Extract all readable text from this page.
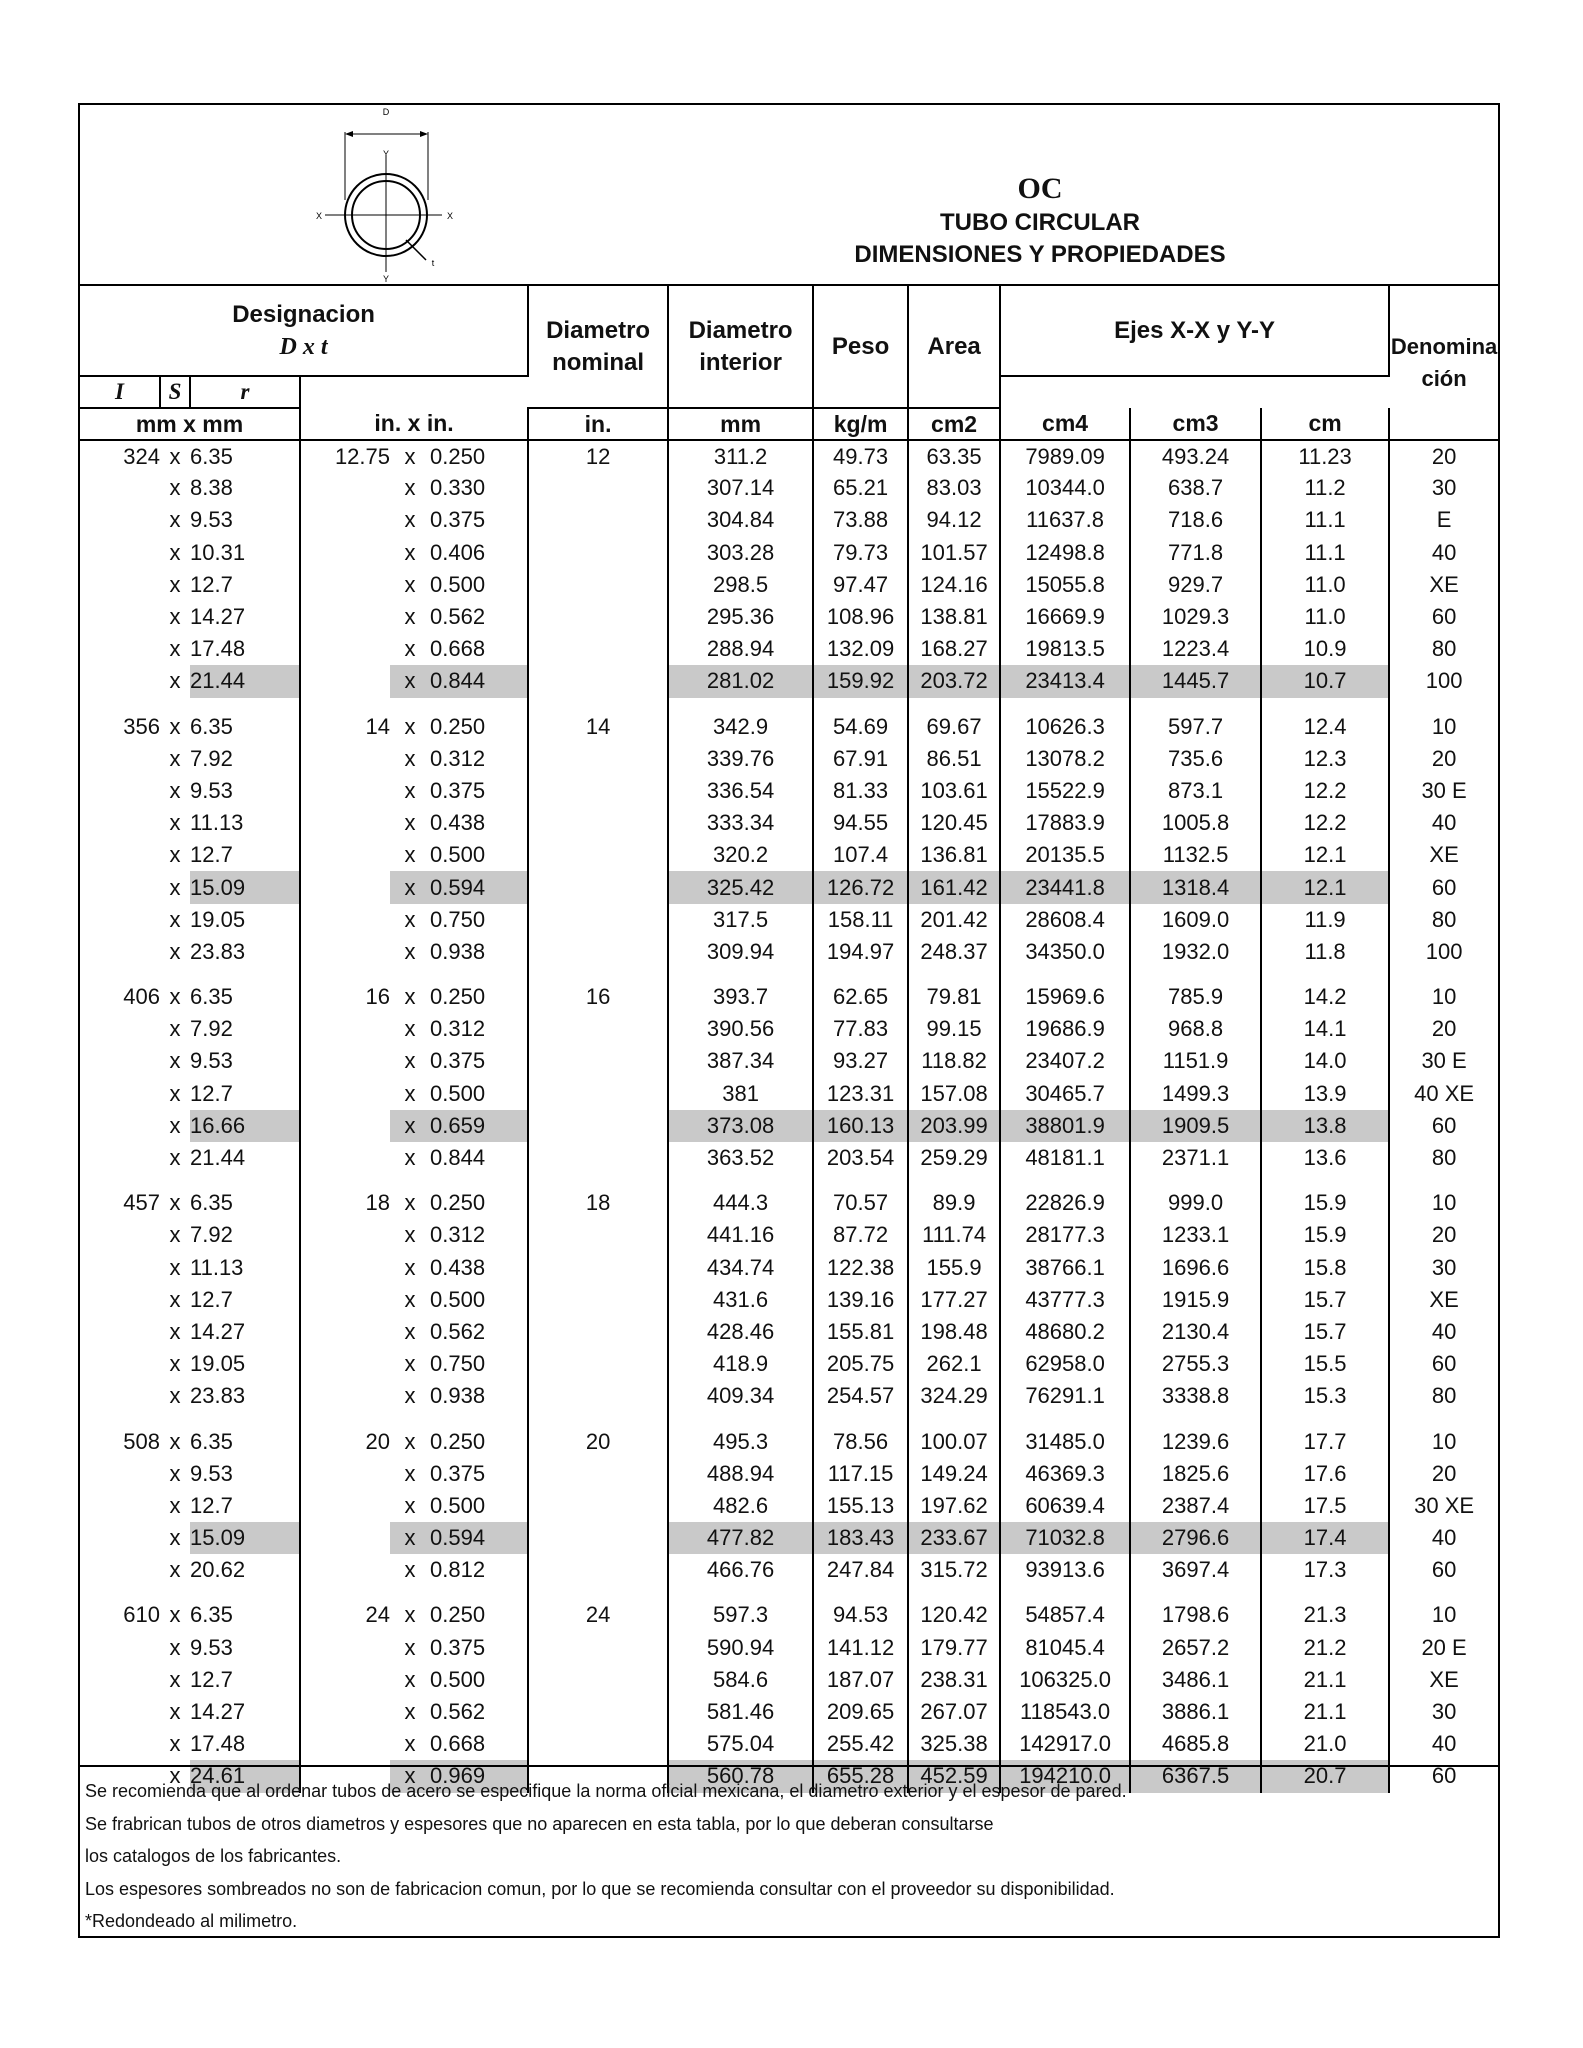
D
X	X
Y
Y
t
OC
TUBO CIRCULAR
DIMENSIONES Y PROPIEDADES
Designacion
D x t						Diametro nominal	Diametro interior	Peso	Area	Ejes X-X y Y-Y			Denomina ción
I	S	r											
mm x mm			in. x in.			in.	mm	kg/m	cm2	cm4	cm3	cm	
324	x	6.35	12.75	x	0.250	12	311.2	49.73	63.35	7989.09	493.24	11.23	20
	x	8.38		x	0.330		307.14	65.21	83.03	10344.0	638.7	11.2	30
	x	9.53		x	0.375		304.84	73.88	94.12	11637.8	718.6	11.1	E
	x	10.31		x	0.406		303.28	79.73	101.57	12498.8	771.8	11.1	40
	x	12.7		x	0.500		298.5	97.47	124.16	15055.8	929.7	11.0	XE
	x	14.27		x	0.562		295.36	108.96	138.81	16669.9	1029.3	11.0	60
	x	17.48		x	0.668		288.94	132.09	168.27	19813.5	1223.4	10.9	80
	x	21.44		x	0.844		281.02	159.92	203.72	23413.4	1445.7	10.7	100

356	x	6.35	14	x	0.250	14	342.9	54.69	69.67	10626.3	597.7	12.4	10
	x	7.92		x	0.312		339.76	67.91	86.51	13078.2	735.6	12.3	20
	x	9.53		x	0.375		336.54	81.33	103.61	15522.9	873.1	12.2	30 E
	x	11.13		x	0.438		333.34	94.55	120.45	17883.9	1005.8	12.2	40
	x	12.7		x	0.500		320.2	107.4	136.81	20135.5	1132.5	12.1	XE
	x	15.09		x	0.594		325.42	126.72	161.42	23441.8	1318.4	12.1	60
	x	19.05		x	0.750		317.5	158.11	201.42	28608.4	1609.0	11.9	80
	x	23.83		x	0.938		309.94	194.97	248.37	34350.0	1932.0	11.8	100

406	x	6.35	16	x	0.250	16	393.7	62.65	79.81	15969.6	785.9	14.2	10
	x	7.92		x	0.312		390.56	77.83	99.15	19686.9	968.8	14.1	20
	x	9.53		x	0.375		387.34	93.27	118.82	23407.2	1151.9	14.0	30 E
	x	12.7		x	0.500		381	123.31	157.08	30465.7	1499.3	13.9	40 XE
	x	16.66		x	0.659		373.08	160.13	203.99	38801.9	1909.5	13.8	60
	x	21.44		x	0.844		363.52	203.54	259.29	48181.1	2371.1	13.6	80

457	x	6.35	18	x	0.250	18	444.3	70.57	89.9	22826.9	999.0	15.9	10
	x	7.92		x	0.312		441.16	87.72	111.74	28177.3	1233.1	15.9	20
	x	11.13		x	0.438		434.74	122.38	155.9	38766.1	1696.6	15.8	30
	x	12.7		x	0.500		431.6	139.16	177.27	43777.3	1915.9	15.7	XE
	x	14.27		x	0.562		428.46	155.81	198.48	48680.2	2130.4	15.7	40
	x	19.05		x	0.750		418.9	205.75	262.1	62958.0	2755.3	15.5	60
	x	23.83		x	0.938		409.34	254.57	324.29	76291.1	3338.8	15.3	80

508	x	6.35	20	x	0.250	20	495.3	78.56	100.07	31485.0	1239.6	17.7	10
	x	9.53		x	0.375		488.94	117.15	149.24	46369.3	1825.6	17.6	20
	x	12.7		x	0.500		482.6	155.13	197.62	60639.4	2387.4	17.5	30 XE
	x	15.09		x	0.594		477.82	183.43	233.67	71032.8	2796.6	17.4	40
	x	20.62		x	0.812		466.76	247.84	315.72	93913.6	3697.4	17.3	60

610	x	6.35	24	x	0.250	24	597.3	94.53	120.42	54857.4	1798.6	21.3	10
	x	9.53		x	0.375		590.94	141.12	179.77	81045.4	2657.2	21.2	20 E
	x	12.7		x	0.500		584.6	187.07	238.31	106325.0	3486.1	21.1	XE
	x	14.27		x	0.562		581.46	209.65	267.07	118543.0	3886.1	21.1	30
	x	17.48		x	0.668		575.04	255.42	325.38	142917.0	4685.8	21.0	40
	x	24.61		x	0.969		560.78	655.28	452.59	194210.0	6367.5	20.7	60
Se recomienda que al ordenar tubos de acero se especifique la norma oficial mexicana, el diametro exterior y el espesor de pared.
Se frabrican tubos de otros diametros y espesores que no aparecen en esta tabla, por lo que deberan consultarse
los catalogos de los fabricantes.
Los espesores sombreados no son de fabricacion comun, por lo que se recomienda consultar con el proveedor su disponibilidad.
*Redondeado al milimetro.
